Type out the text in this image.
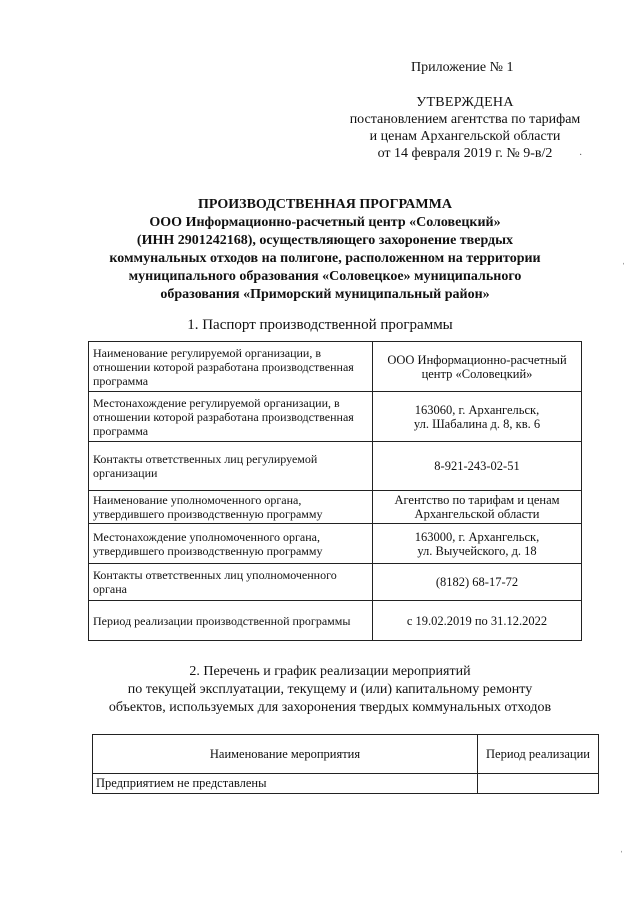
Приложение № 1
УТВЕРЖДЕНА
постановлением агентства по тарифам
и ценам Архангельской области
от 14 февраля 2019 г. № 9-в/2
ПРОИЗВОДСТВЕННАЯ ПРОГРАММА
ООО Информационно-расчетный центр «Соловецкий»
(ИНН 2901242168), осуществляющего захоронение твердых
коммунальных отходов на полигоне, расположенном на территории
муниципального образования «Соловецкое» муниципального
образования «Приморский муниципальный район»
1. Паспорт производственной программы
Наименование регулируемой организации, в отношении которой разработана производственная программа	ООО Информационно-расчетный
центр «Соловецкий»

Местонахождение регулируемой организации, в отношении которой разработана производственная программа	163060, г. Архангельск,
ул. Шабалина д. 8, кв. 6

Контакты ответственных лиц регулируемой организации	8-921-243-02-51
Наименование уполномоченного органа, утвердившего производственную программу	Агентство по тарифам и ценам
Архангельской области

Местонахождение уполномоченного органа, утвердившего производственную программу	163000, г. Архангельск,
ул. Выучейского, д. 18

Контакты ответственных лиц уполномоченного органа	(8182) 68-17-72
Период реализации производственной программы	с 19.02.2019 по 31.12.2022
2. Перечень и график реализации мероприятий
по текущей эксплуатации, текущему и (или) капитальному ремонту
объектов, используемых для захоронения твердых коммунальных отходов
Наименование мероприятия	Период реализации
Предприятием не представлены	
·
ˈ
ˌ
